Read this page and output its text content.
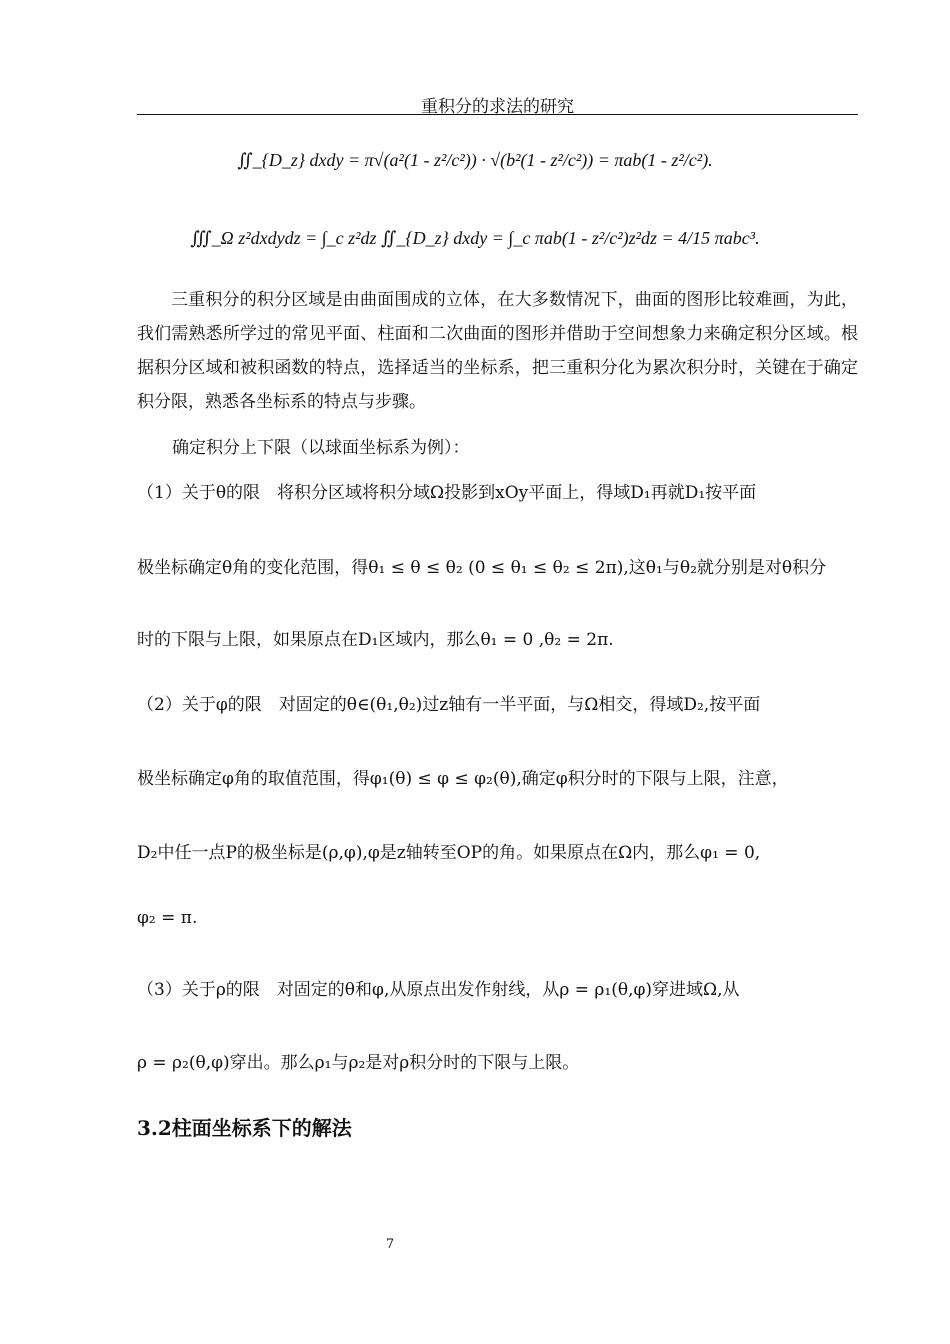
重积分的求法的研究
∬_{D_z} dxdy = π√(a²(1 - z²/c²)) · √(b²(1 - z²/c²)) = πab(1 - z²/c²).
∭_Ω z²dxdydz = ∫_c z²dz ∬_{D_z} dxdy = ∫_c πab(1 - z²/c²)z²dz = 4/15 πabc³.
三重积分的积分区域是由曲面围成的立体，在大多数情况下，曲面的图形比较难画，为此，我们需熟悉所学过的常见平面、柱面和二次曲面的图形并借助于空间想象力来确定积分区域。根据积分区域和被积函数的特点，选择适当的坐标系，把三重积分化为累次积分时，关键在于确定积分限，熟悉各坐标系的特点与步骤。
确定积分上下限（以球面坐标系为例）：
（1）关于θ的限　将积分区域将积分域Ω投影到xOy平面上，得域D₁再就D₁按平面
极坐标确定θ角的变化范围，得θ₁ ≤ θ ≤ θ₂ (0 ≤ θ₁ ≤ θ₂ ≤ 2π),这θ₁与θ₂就分别是对θ积分
时的下限与上限，如果原点在D₁区域内，那么θ₁ = 0 ,θ₂ = 2π.
（2）关于φ的限　对固定的θ∈(θ₁,θ₂)过z轴有一半平面，与Ω相交，得域D₂,按平面
极坐标确定φ角的取值范围，得φ₁(θ) ≤ φ ≤ φ₂(θ),确定φ积分时的下限与上限，注意，
D₂中任一点P的极坐标是(ρ,φ),φ是z轴转至OP的角。如果原点在Ω内，那么φ₁ = 0,
φ₂ = π.
（3）关于ρ的限　对固定的θ和φ,从原点出发作射线，从ρ = ρ₁(θ,φ)穿进域Ω,从
ρ = ρ₂(θ,φ)穿出。那么ρ₁与ρ₂是对ρ积分时的下限与上限。
3.2柱面坐标系下的解法
7
